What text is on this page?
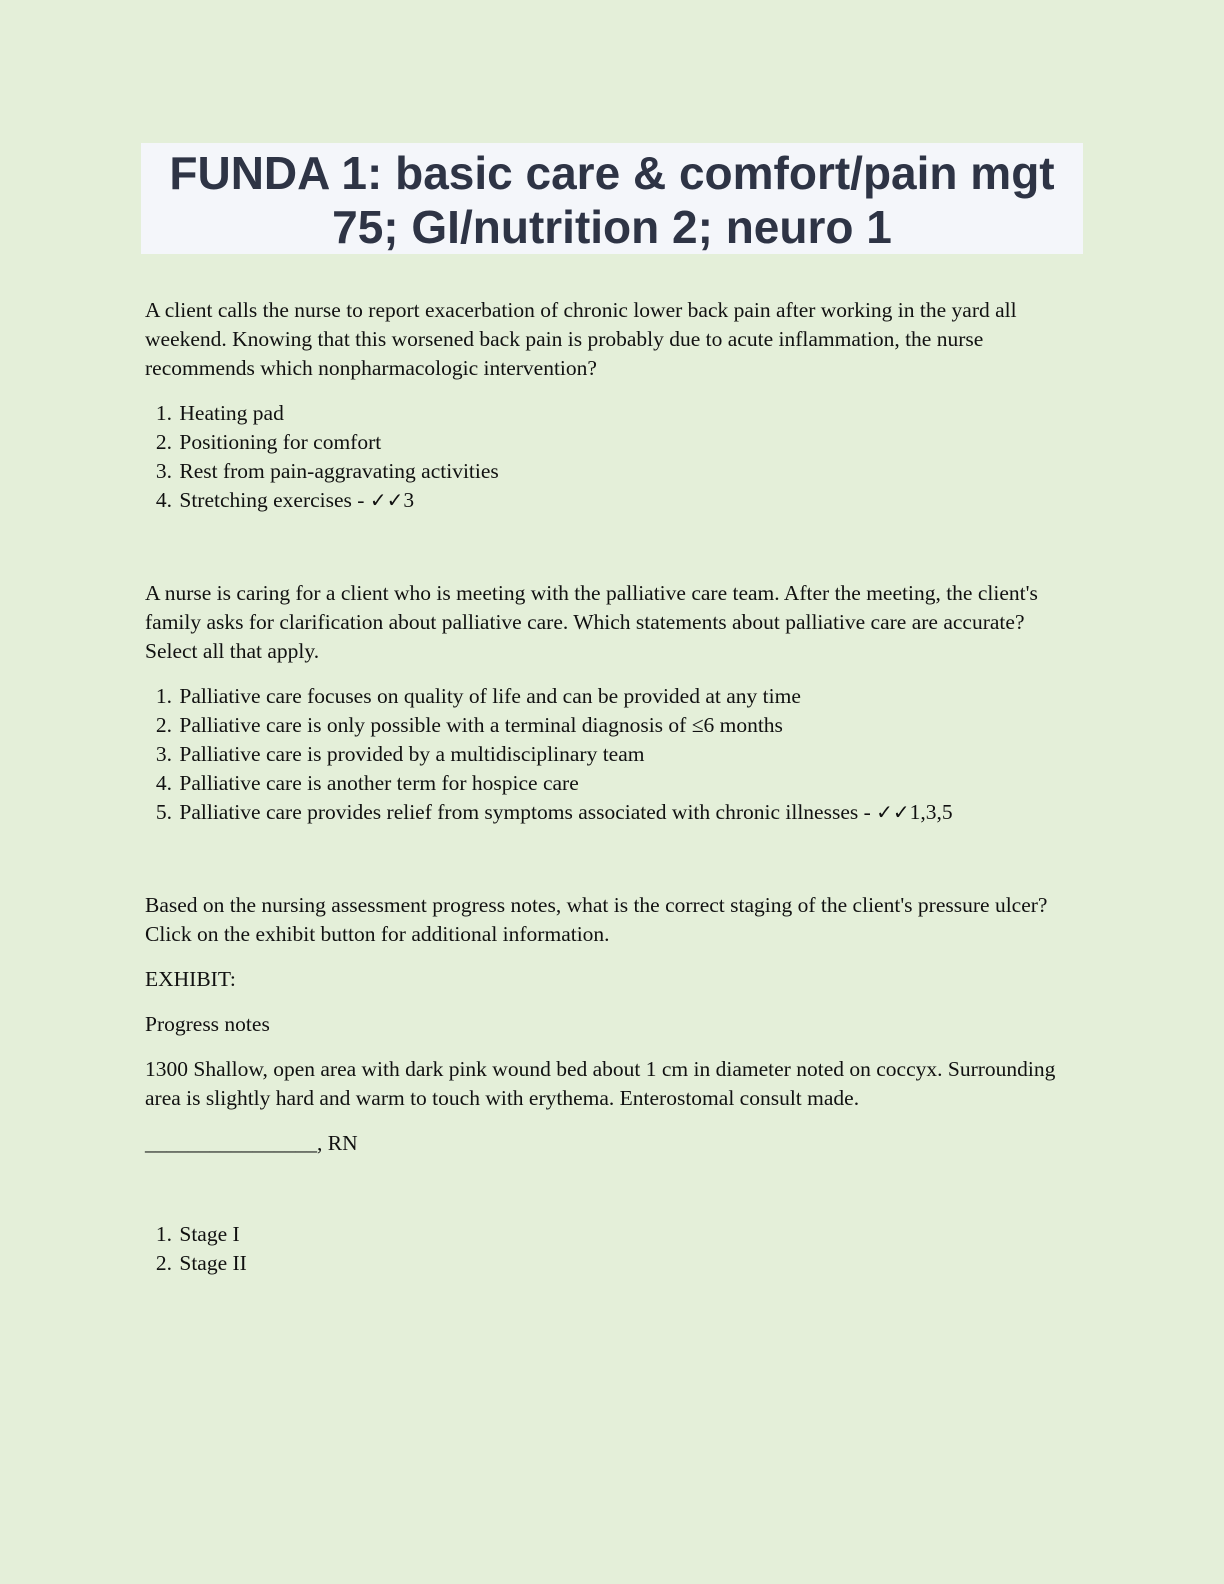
FUNDA 1: basic care & comfort/pain mgt
75; GI/nutrition 2; neuro 1

A client calls the nurse to report exacerbation of chronic lower back pain after working in the yard all weekend. Knowing that this worsened back pain is probably due to acute inflammation, the nurse recommends which nonpharmacologic intervention?

1. Heating pad
2. Positioning for comfort
3. Rest from pain-aggravating activities
4. Stretching exercises - ✓✓3

A nurse is caring for a client who is meeting with the palliative care team. After the meeting, the client's family asks for clarification about palliative care. Which statements about palliative care are accurate? Select all that apply.

1. Palliative care focuses on quality of life and can be provided at any time
2. Palliative care is only possible with a terminal diagnosis of ≤6 months
3. Palliative care is provided by a multidisciplinary team
4. Palliative care is another term for hospice care
5. Palliative care provides relief from symptoms associated with chronic illnesses - ✓✓1,3,5

Based on the nursing assessment progress notes, what is the correct staging of the client's pressure ulcer? Click on the exhibit button for additional information.

EXHIBIT:

Progress notes

1300 Shallow, open area with dark pink wound bed about 1 cm in diameter noted on coccyx. Surrounding area is slightly hard and warm to touch with erythema. Enterostomal consult made.

________________, RN

1. Stage I
2. Stage II
